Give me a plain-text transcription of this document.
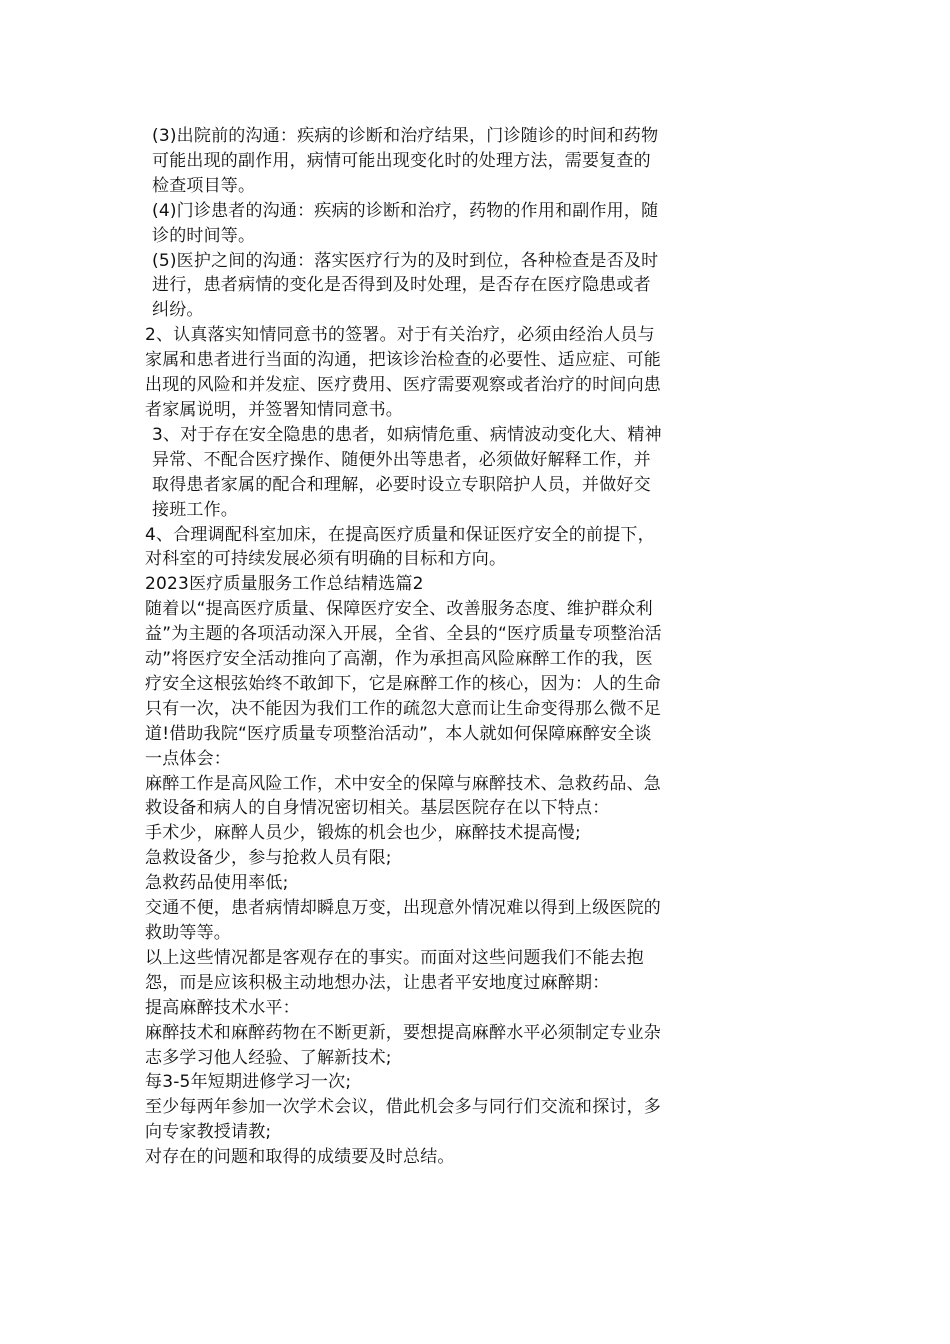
(3)出院前的沟通：疾病的诊断和治疗结果，门诊随诊的时间和药物可能出现的副作用，病情可能出现变化时的处理方法，需要复查的检查项目等。

(4)门诊患者的沟通：疾病的诊断和治疗，药物的作用和副作用，随诊的时间等。

(5)医护之间的沟通：落实医疗行为的及时到位，各种检查是否及时进行，患者病情的变化是否得到及时处理，是否存在医疗隐患或者纠纷。

2、认真落实知情同意书的签署。对于有关治疗，必须由经治人员与家属和患者进行当面的沟通，把该诊治检查的必要性、适应症、可能出现的风险和并发症、医疗费用、医疗需要观察或者治疗的时间向患者家属说明，并签署知情同意书。

3、对于存在安全隐患的患者，如病情危重、病情波动变化大、精神异常、不配合医疗操作、随便外出等患者，必须做好解释工作，并取得患者家属的配合和理解，必要时设立专职陪护人员，并做好交接班工作。

4、合理调配科室加床，在提高医疗质量和保证医疗安全的前提下，对科室的可持续发展必须有明确的目标和方向。

2023医疗质量服务工作总结精选篇2

随着以“提高医疗质量、保障医疗安全、改善服务态度、维护群众利益”为主题的各项活动深入开展，全省、全县的“医疗质量专项整治活动”将医疗安全活动推向了高潮，作为承担高风险麻醉工作的我，医疗安全这根弦始终不敢卸下，它是麻醉工作的核心，因为：人的生命只有一次，决不能因为我们工作的疏忽大意而让生命变得那么微不足道!借助我院“医疗质量专项整治活动”，本人就如何保障麻醉安全谈一点体会：

麻醉工作是高风险工作，术中安全的保障与麻醉技术、急救药品、急救设备和病人的自身情况密切相关。基层医院存在以下特点：

手术少，麻醉人员少，锻炼的机会也少，麻醉技术提高慢;

急救设备少，参与抢救人员有限;

急救药品使用率低;

交通不便，患者病情却瞬息万变，出现意外情况难以得到上级医院的救助等等。

以上这些情况都是客观存在的事实。而面对这些问题我们不能去抱怨，而是应该积极主动地想办法，让患者平安地度过麻醉期：

提高麻醉技术水平：

麻醉技术和麻醉药物在不断更新，要想提高麻醉水平必须制定专业杂志多学习他人经验、了解新技术;

每3-5年短期进修学习一次;

至少每两年参加一次学术会议，借此机会多与同行们交流和探讨，多向专家教授请教;

对存在的问题和取得的成绩要及时总结。
